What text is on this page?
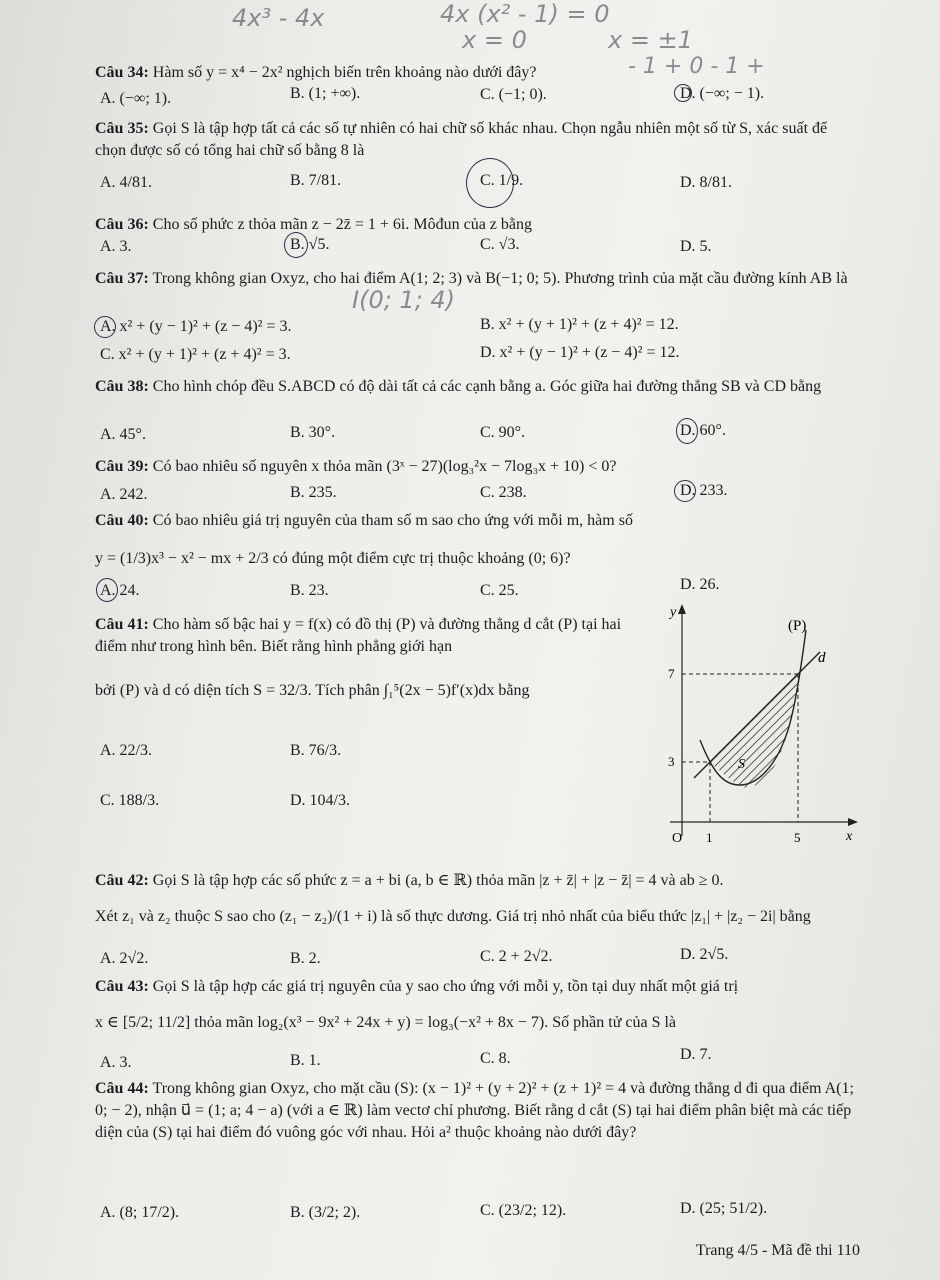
4x³ - 4x	4x (x² - 1) = 0
x = 0	x = ±1
- 1 + 0 - 1 +
Câu 34: Hàm số y = x⁴ − 2x² nghịch biến trên khoảng nào dưới đây?
A. (−∞; 1).	B. (1; +∞).	C. (−1; 0).	D. (−∞; − 1).
Câu 35: Gọi S là tập hợp tất cả các số tự nhiên có hai chữ số khác nhau. Chọn ngẫu nhiên một số từ S, xác suất để chọn được số có tổng hai chữ số bằng 8 là
A. 4/81.	B. 7/81.	C. 1/9.	D. 8/81.
Câu 36: Cho số phức z thỏa mãn z − 2z̄ = 1 + 6i. Môđun của z bằng
A. 3.	B. √5.	C. √3.	D. 5.
Câu 37: Trong không gian Oxyz, cho hai điểm A(1; 2; 3) và B(−1; 0; 5). Phương trình của mặt cầu đường kính AB là
I(0; 1; 4)
A. x² + (y − 1)² + (z − 4)² = 3.	B. x² + (y + 1)² + (z + 4)² = 12.
C. x² + (y + 1)² + (z + 4)² = 3.	D. x² + (y − 1)² + (z − 4)² = 12.
Câu 38: Cho hình chóp đều S.ABCD có độ dài tất cả các cạnh bằng a. Góc giữa hai đường thẳng SB và CD bằng
A. 45°.	B. 30°.	C. 90°.	D. 60°.
Câu 39: Có bao nhiêu số nguyên x thỏa mãn (3ˣ − 27)(log₃²x − 7log₃x + 10) < 0?
A. 242.	B. 235.	C. 238.	D. 233.
Câu 40: Có bao nhiêu giá trị nguyên của tham số m sao cho ứng với mỗi m, hàm số
y = (1/3)x³ − x² − mx + 2/3 có đúng một điểm cực trị thuộc khoảng (0; 6)?
A. 24.	B. 23.	C. 25.	D. 26.
Câu 41: Cho hàm số bậc hai y = f(x) có đồ thị (P) và đường thẳng d cắt (P) tại hai điểm như trong hình bên. Biết rằng hình phẳng giới hạn
bởi (P) và d có diện tích S = 32/3. Tích phân ∫₁⁵(2x − 5)f′(x)dx bằng
A. 22/3.	B. 76/3.
C. 188/3.	D. 104/3.
y
x
(P)
d
S
O 1	5
3
7
Câu 42: Gọi S là tập hợp các số phức z = a + bi (a, b ∈ ℝ) thỏa mãn |z + z̄| + |z − z̄| = 4 và ab ≥ 0.
Xét z₁ và z₂ thuộc S sao cho (z₁ − z₂)/(1 + i) là số thực dương. Giá trị nhỏ nhất của biểu thức |z₁| + |z₂ − 2i| bằng
A. 2√2.	B. 2.	C. 2 + 2√2.	D. 2√5.
Câu 43: Gọi S là tập hợp các giá trị nguyên của y sao cho ứng với mỗi y, tồn tại duy nhất một giá trị
x ∈ [5/2; 11/2] thỏa mãn log₂(x³ − 9x² + 24x + y) = log₃(−x² + 8x − 7). Số phần tử của S là
A. 3.	B. 1.	C. 8.	D. 7.
Câu 44: Trong không gian Oxyz, cho mặt cầu (S): (x − 1)² + (y + 2)² + (z + 1)² = 4 và đường thẳng d đi qua điểm A(1; 0; − 2), nhận u⃗ = (1; a; 4 − a) (với a ∈ ℝ) làm vectơ chỉ phương. Biết rằng d cắt (S) tại hai điểm phân biệt mà các tiếp diện của (S) tại hai điểm đó vuông góc với nhau. Hỏi a² thuộc khoảng nào dưới đây?
A. (8; 17/2).	B. (3/2; 2).	C. (23/2; 12).	D. (25; 51/2).
Trang 4/5 - Mã đề thi 110
